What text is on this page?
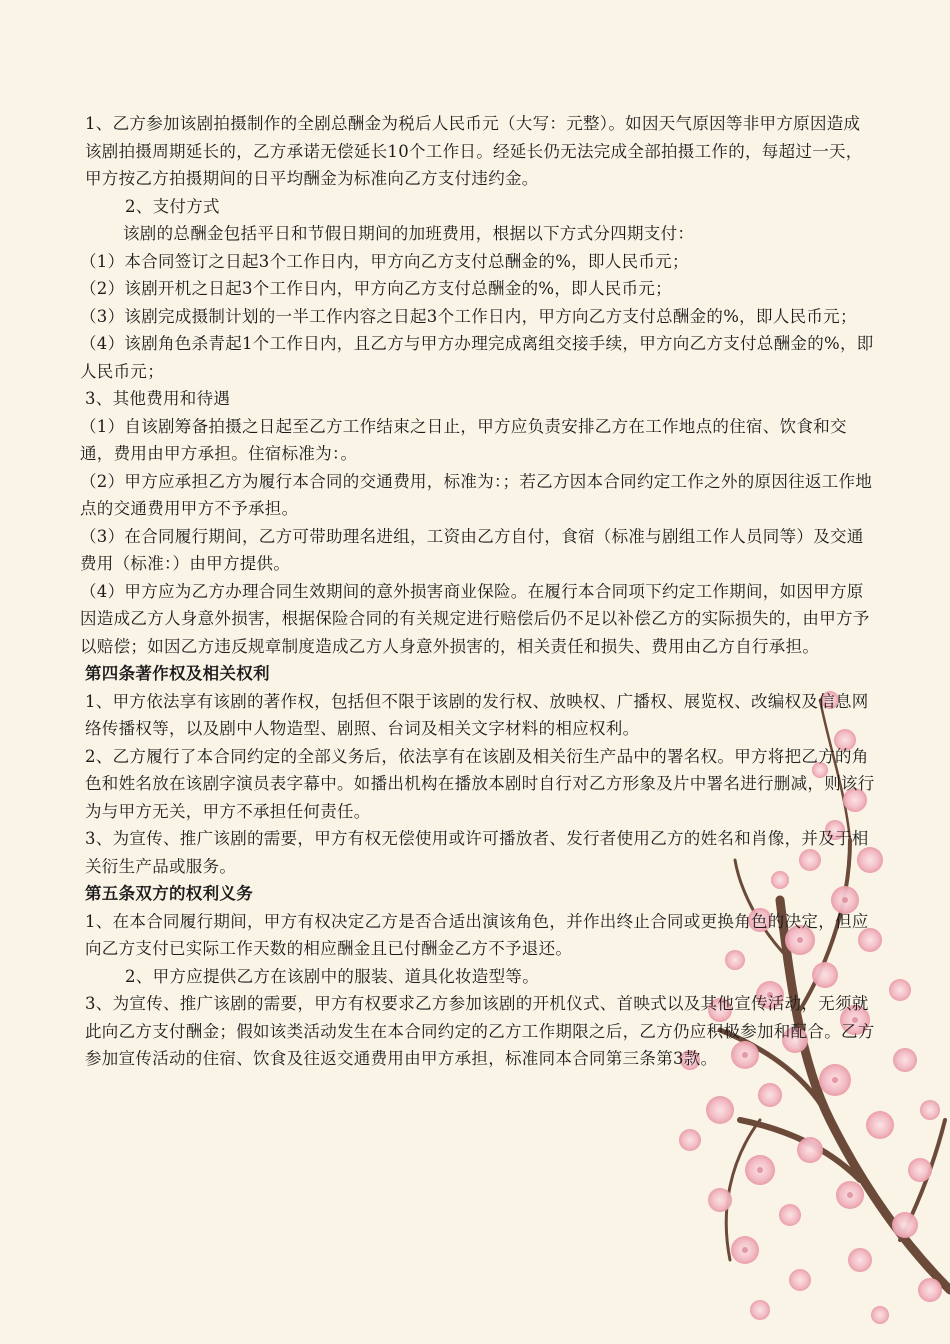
1、乙方参加该剧拍摄制作的全剧总酬金为税后人民币元（大写：元整）。如因天气原因等非甲方原因造成该剧拍摄周期延长的，乙方承诺无偿延长10个工作日。经延长仍无法完成全部拍摄工作的，每超过一天，甲方按乙方拍摄期间的日平均酬金为标准向乙方支付违约金。

2、支付方式

该剧的总酬金包括平日和节假日期间的加班费用，根据以下方式分四期支付：

（1）本合同签订之日起3个工作日内，甲方向乙方支付总酬金的%，即人民币元；

（2）该剧开机之日起3个工作日内，甲方向乙方支付总酬金的%，即人民币元；

（3）该剧完成摄制计划的一半工作内容之日起3个工作日内，甲方向乙方支付总酬金的%，即人民币元；

（4）该剧角色杀青起1个工作日内，且乙方与甲方办理完成离组交接手续，甲方向乙方支付总酬金的%，即人民币元；

3、其他费用和待遇

（1）自该剧筹备拍摄之日起至乙方工作结束之日止，甲方应负责安排乙方在工作地点的住宿、饮食和交通，费用由甲方承担。住宿标准为：。

（2）甲方应承担乙方为履行本合同的交通费用，标准为：；若乙方因本合同约定工作之外的原因往返工作地点的交通费用甲方不予承担。

（3）在合同履行期间，乙方可带助理名进组，工资由乙方自付，食宿（标准与剧组工作人员同等）及交通费用（标准：）由甲方提供。

（4）甲方应为乙方办理合同生效期间的意外损害商业保险。在履行本合同项下约定工作期间，如因甲方原因造成乙方人身意外损害，根据保险合同的有关规定进行赔偿后仍不足以补偿乙方的实际损失的，由甲方予以赔偿；如因乙方违反规章制度造成乙方人身意外损害的，相关责任和损失、费用由乙方自行承担。

第四条著作权及相关权利

1、甲方依法享有该剧的著作权，包括但不限于该剧的发行权、放映权、广播权、展览权、改编权及信息网络传播权等，以及剧中人物造型、剧照、台词及相关文字材料的相应权利。

2、乙方履行了本合同约定的全部义务后，依法享有在该剧及相关衍生产品中的署名权。甲方将把乙方的角色和姓名放在该剧字演员表字幕中。如播出机构在播放本剧时自行对乙方形象及片中署名进行删减，则该行为与甲方无关，甲方不承担任何责任。

3、为宣传、推广该剧的需要，甲方有权无偿使用或许可播放者、发行者使用乙方的姓名和肖像，并及于相关衍生产品或服务。

第五条双方的权利义务

1、在本合同履行期间，甲方有权决定乙方是否合适出演该角色，并作出终止合同或更换角色的决定，但应向乙方支付已实际工作天数的相应酬金且已付酬金乙方不予退还。

2、甲方应提供乙方在该剧中的服装、道具化妆造型等。

3、为宣传、推广该剧的需要，甲方有权要求乙方参加该剧的开机仪式、首映式以及其他宣传活动，无须就此向乙方支付酬金；假如该类活动发生在本合同约定的乙方工作期限之后，乙方仍应积极参加和配合。乙方参加宣传活动的住宿、饮食及往返交通费用由甲方承担，标准同本合同第三条第3款。
